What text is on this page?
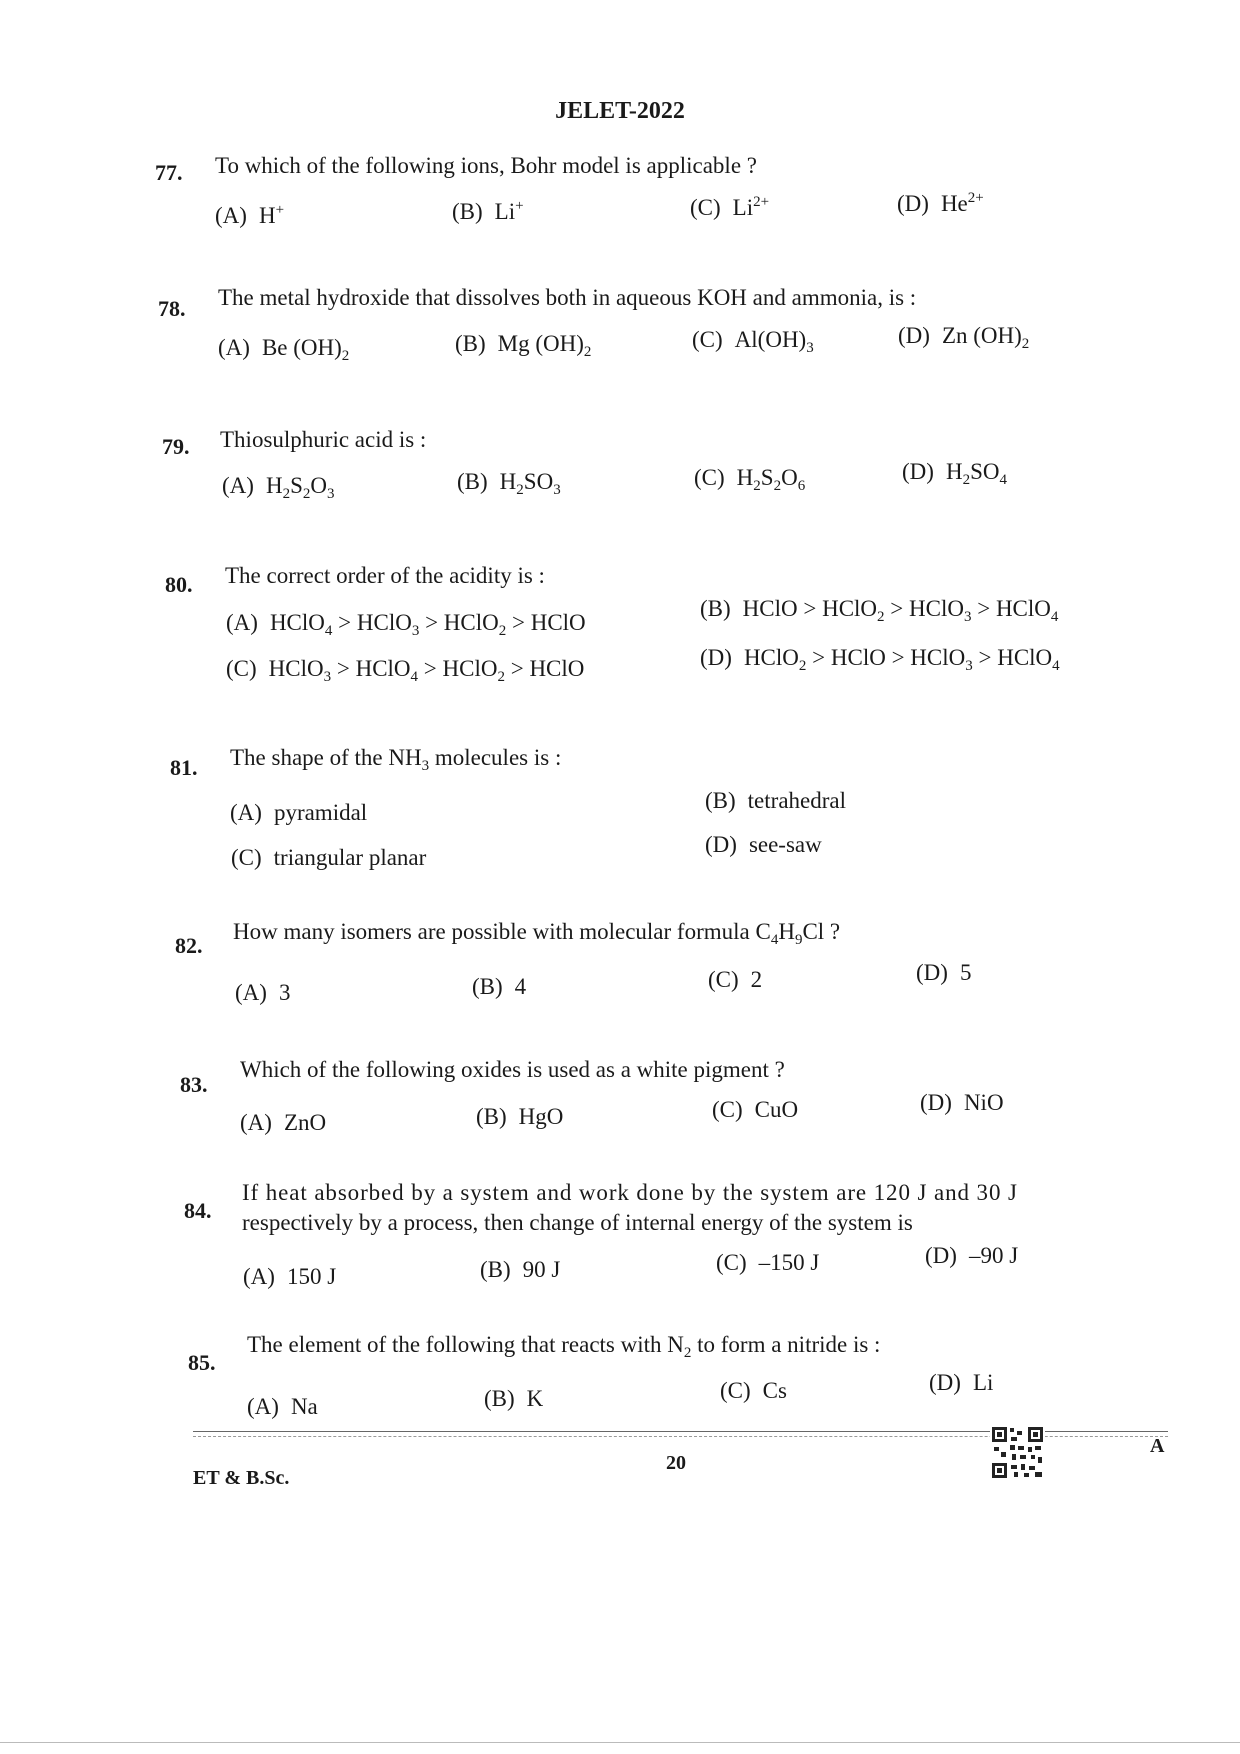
JELET-2022
77. To which of the following ions, Bohr model is applicable ?
(A) H+	(B) Li+	(C) $Li^{2+}$	(D) $He^{2+}$
78. The metal hydroxide that dissolves both in aqueous KOH and ammonia, is :
(A) Be $(OH)_2$	(B) Mg $(OH)_2$	(C) $Al(OH)_3$	(D) Zn $(OH)_2$
79. Thiosulphuric acid is :
(A) $H_2S_2O_3$	(B) $H_2SO_3$	(C) $H_2S_2O_6$
(D) $H_2SO_4$
80. The correct order of the acidity is :
(A) HClO$_4$ > HClO$_3$ > HClO$_2$ > HClO
(B) HClO > HClO$_2$ > HClO$_3$ > HClO$_4$
(C) HClO$_3$ > HClO$_4$ > HClO$_2$ > HClO	(D) HClO$_2$ > HClO > HClO$_3$ > HClO$_4$
81. The shape of the $NH_3$ molecules is :
(A) pyramidal	(B) tetrahedral
(C) triangular planar
(D) see-saw
82.
How many isomers are possible with molecular formula $C_4H_9Cl$ ?
(A) 3	(B) 4	(C) 2	(D) 5
83.
Which of the following oxides is used as a white pigment ?
(A) ZnO	(B) HgO	(C) CuO	(D) NiO
84.
If heat absorbed by a system and work done by the system are 120 J and 30 J
respectively by a process, then change of internal energy of the system is
(A) 150 J	(B) 90 J	(C) –150 J	(D) –90 J
85.
The element of the following that reacts with $N_2$ to form a nitride is :
(A) Na	(B) K	(C) Cs	(D) Li
ET & B.Sc.
20
A
